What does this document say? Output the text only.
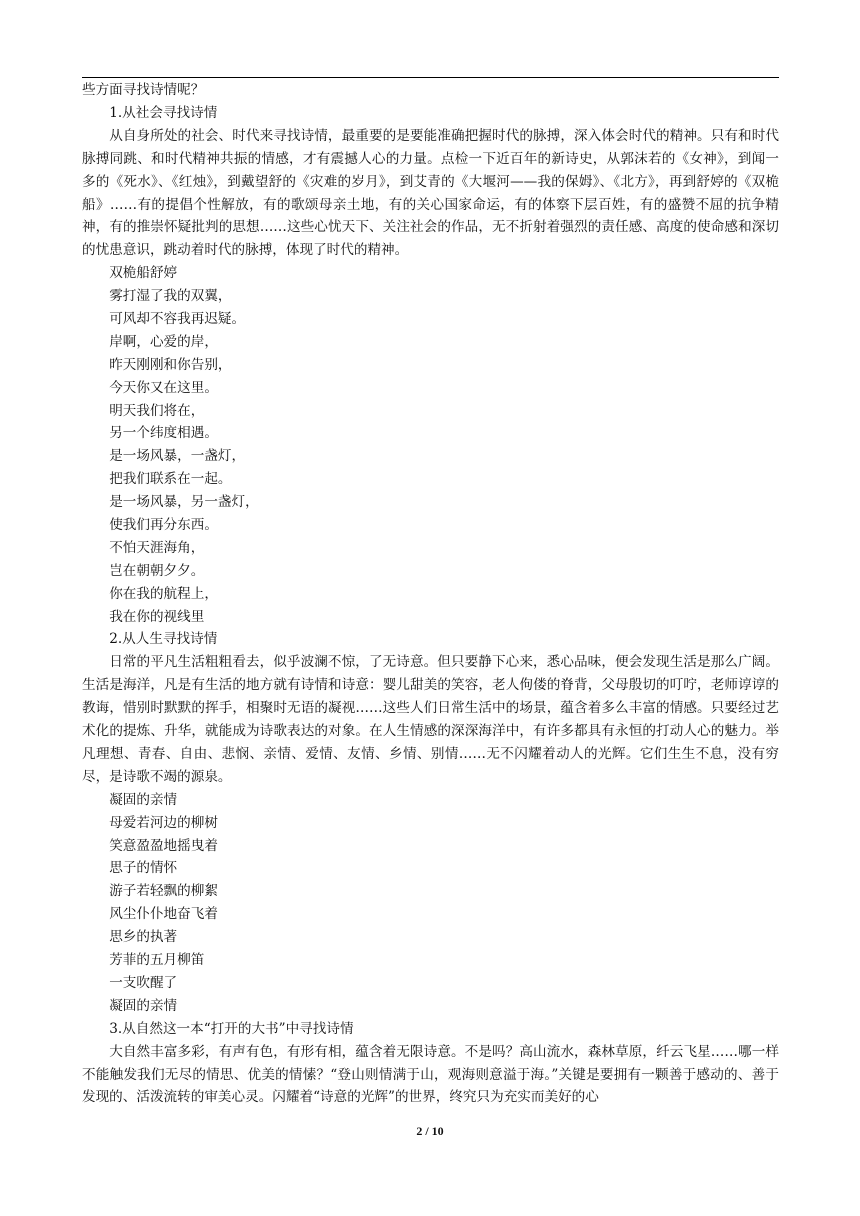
些方面寻找诗情呢？
1.从社会寻找诗情
从自身所处的社会、时代来寻找诗情，最重要的是要能准确把握时代的脉搏，深入体会时代的精神。只有和时代脉搏同跳、和时代精神共振的情感，才有震撼人心的力量。点检一下近百年的新诗史，从郭沫若的《女神》，到闻一多的《死水》、《红烛》，到戴望舒的《灾难的岁月》，到艾青的《大堰河——我的保姆》、《北方》，再到舒婷的《双桅船》……有的提倡个性解放，有的歌颂母亲土地，有的关心国家命运，有的体察下层百姓，有的盛赞不屈的抗争精神，有的推崇怀疑批判的思想……这些心忧天下、关注社会的作品，无不折射着强烈的责任感、高度的使命感和深切的忧患意识，跳动着时代的脉搏，体现了时代的精神。
双桅船舒婷
雾打湿了我的双翼，
可风却不容我再迟疑。
岸啊，心爱的岸，
昨天刚刚和你告别，
今天你又在这里。
明天我们将在，
另一个纬度相遇。
是一场风暴，一盏灯，
把我们联系在一起。
是一场风暴，另一盏灯，
使我们再分东西。
不怕天涯海角，
岂在朝朝夕夕。
你在我的航程上，
我在你的视线里
2.从人生寻找诗情
日常的平凡生活粗粗看去，似乎波澜不惊，了无诗意。但只要静下心来，悉心品味，便会发现生活是那么广阔。生活是海洋，凡是有生活的地方就有诗情和诗意：婴儿甜美的笑容，老人佝偻的脊背，父母殷切的叮咛，老师谆谆的教诲，惜别时默默的挥手，相聚时无语的凝视……这些人们日常生活中的场景，蕴含着多么丰富的情感。只要经过艺术化的提炼、升华，就能成为诗歌表达的对象。在人生情感的深深海洋中，有许多都具有永恒的打动人心的魅力。举凡理想、青春、自由、悲悯、亲情、爱情、友情、乡情、别情……无不闪耀着动人的光辉。它们生生不息，没有穷尽，是诗歌不竭的源泉。
凝固的亲情
母爱若河边的柳树
笑意盈盈地摇曳着
思子的情怀
游子若轻飘的柳絮
风尘仆仆地奋飞着
思乡的执著
芳菲的五月柳笛
一支吹醒了
凝固的亲情
3.从自然这一本“打开的大书”中寻找诗情
大自然丰富多彩，有声有色，有形有相，蕴含着无限诗意。不是吗？高山流水，森林草原，纤云飞星……哪一样不能触发我们无尽的情思、优美的情愫？“登山则情满于山，观海则意溢于海。”关键是要拥有一颗善于感动的、善于发现的、活泼流转的审美心灵。闪耀着“诗意的光辉”的世界，终究只为充实而美好的心
2 / 10
